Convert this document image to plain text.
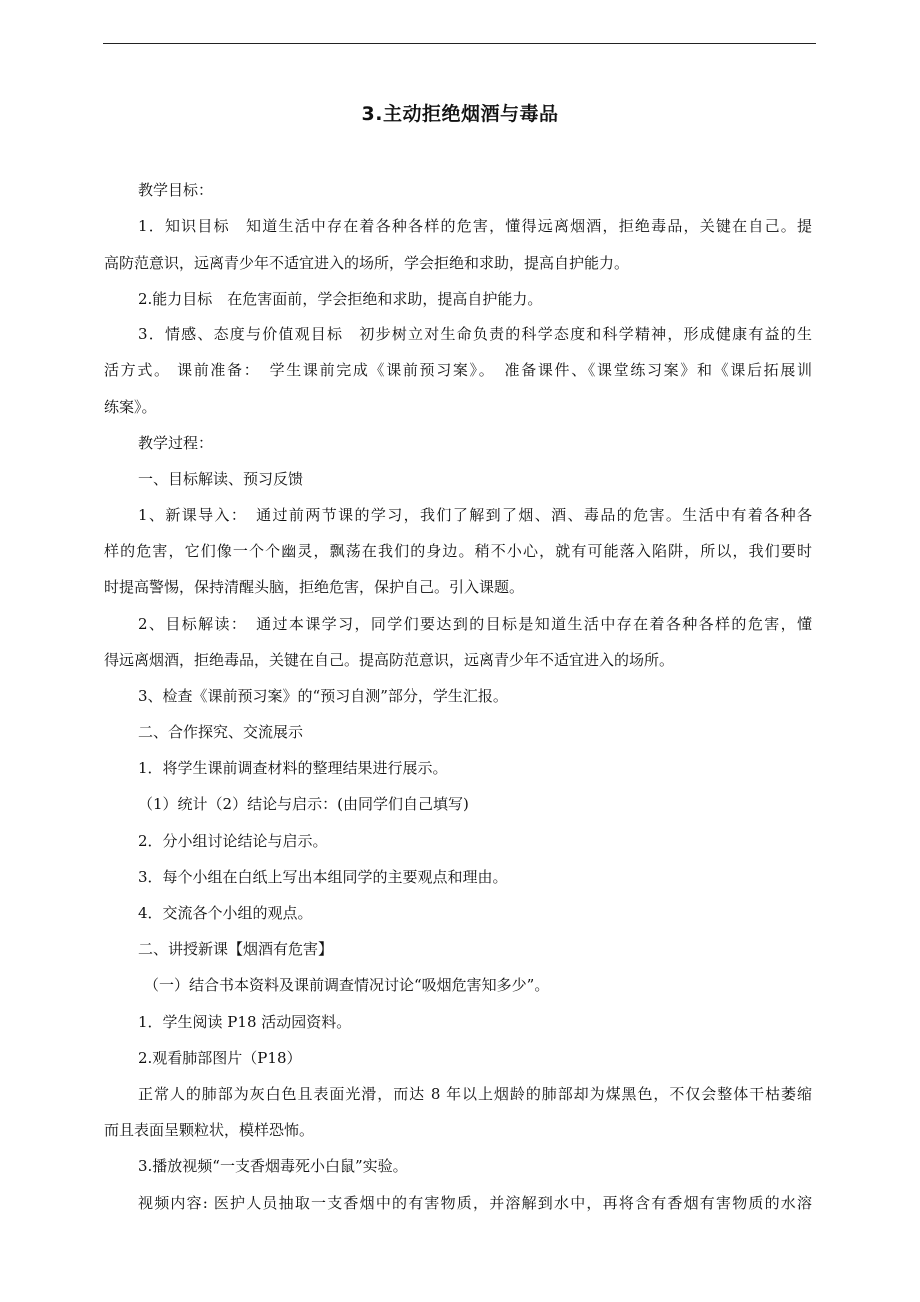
3.主动拒绝烟酒与毒品
教学目标：
1．知识目标　知道生活中存在着各种各样的危害，懂得远离烟酒，拒绝毒品，关键在自己。提
高防范意识，远离青少年不适宜进入的场所，学会拒绝和求助，提高自护能力。
2.能力目标　在危害面前，学会拒绝和求助，提高自护能力。
3．情感、态度与价值观目标　初步树立对生命负责的科学态度和科学精神，形成健康有益的生
活方式。 课前准备：　学生课前完成《课前预习案》。　准备课件、《课堂练习案》和《课后拓展训
练案》。
教学过程：
一、目标解读、预习反馈
1、新课导入：　通过前两节课的学习，我们了解到了烟、酒、毒品的危害。生活中有着各种各
样的危害，它们像一个个幽灵，飘荡在我们的身边。稍不小心，就有可能落入陷阱，所以，我们要时
时提高警惕，保持清醒头脑，拒绝危害，保护自己。引入课题。
2、目标解读：　通过本课学习，同学们要达到的目标是知道生活中存在着各种各样的危害，懂
得远离烟酒，拒绝毒品，关键在自己。提高防范意识，远离青少年不适宜进入的场所。
3、检查《课前预习案》的“预习自测”部分，学生汇报。
二、合作探究、交流展示
1．将学生课前调查材料的整理结果进行展示。
（1）统计（2）结论与启示：(由同学们自己填写)
2．分小组讨论结论与启示。
3．每个小组在白纸上写出本组同学的主要观点和理由。
4．交流各个小组的观点。
二、讲授新课【烟酒有危害】
（一）结合书本资料及课前调查情况讨论“吸烟危害知多少”。
1．学生阅读 P18 活动园资料。
2.观看肺部图片（P18）
正常人的肺部为灰白色且表面光滑，而达 8 年以上烟龄的肺部却为煤黑色，不仅会整体干枯萎缩
而且表面呈颗粒状，模样恐怖。
3.播放视频“一支香烟毒死小白鼠”实验。
视频内容: 医护人员抽取一支香烟中的有害物质，并溶解到水中，再将含有香烟有害物质的水溶
